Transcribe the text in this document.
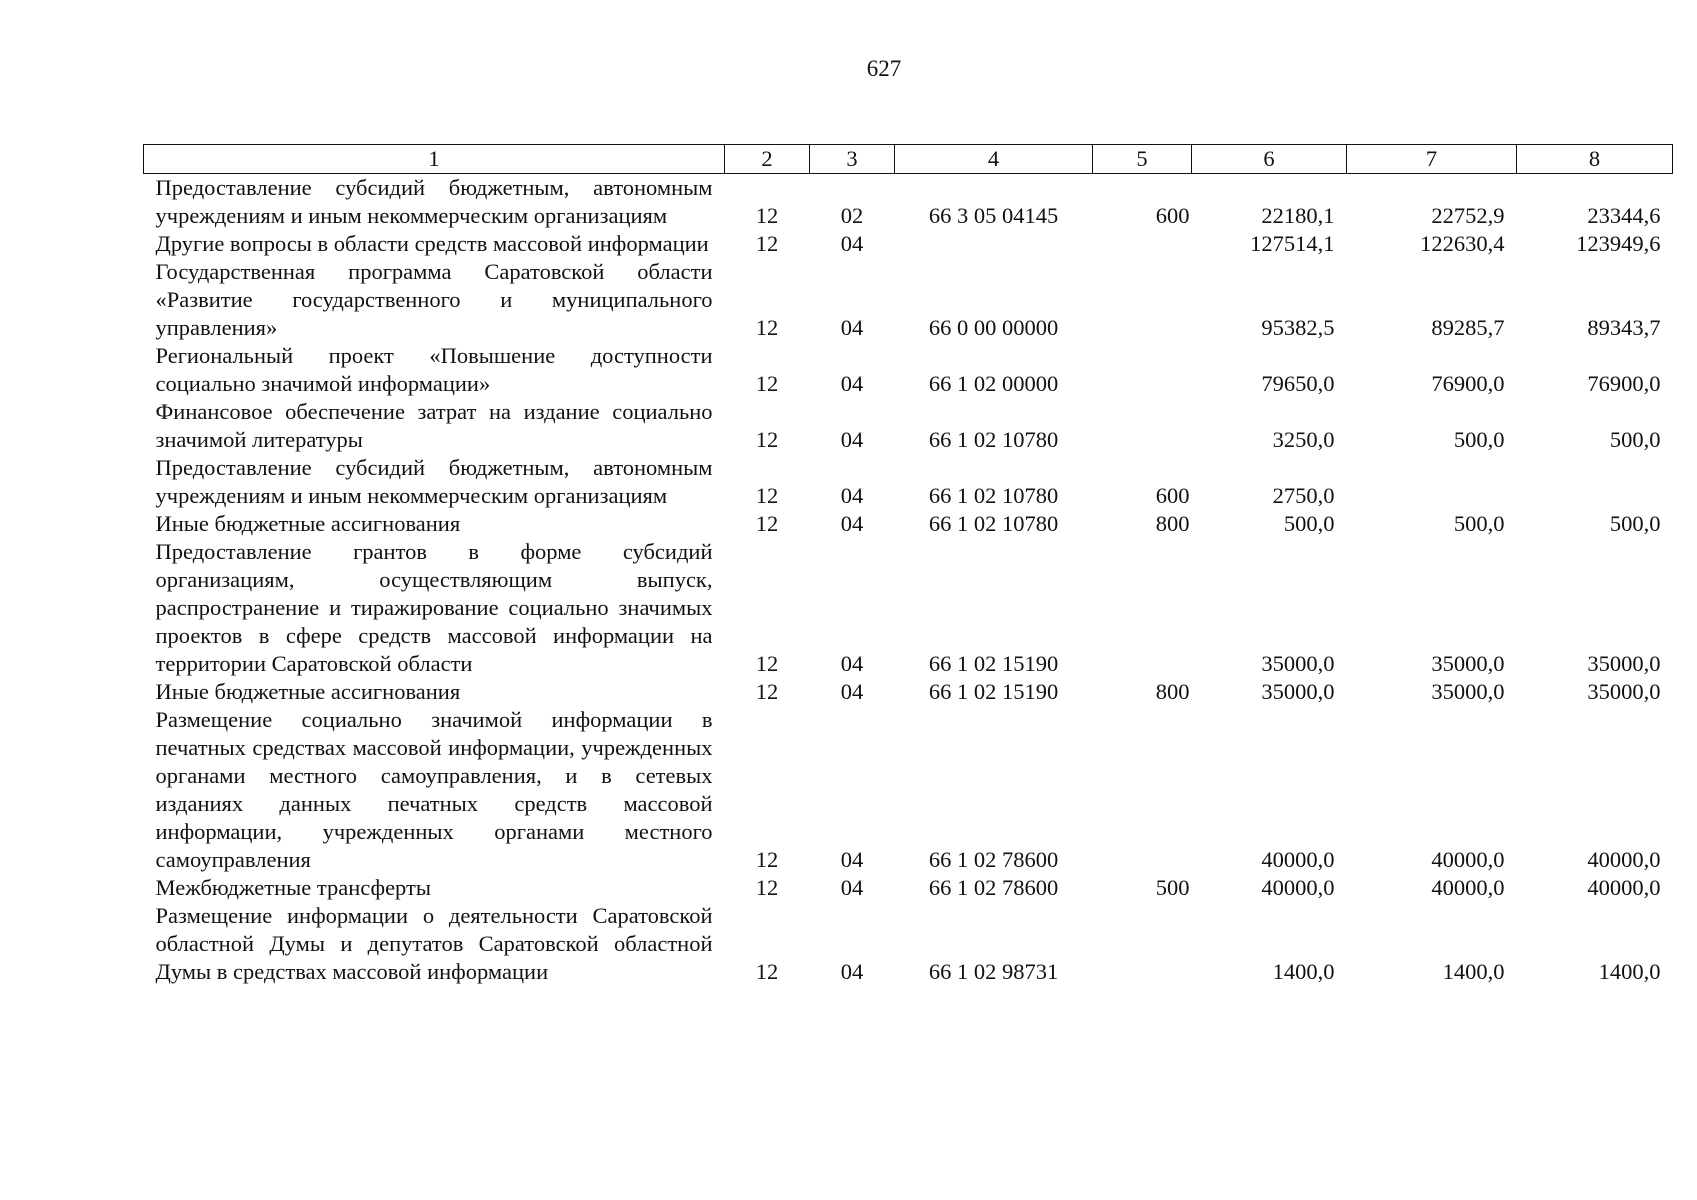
627
1	2	3	4	5	6	7	8
Предоставление субсидий бюджетным, автономным учреждениям и иным некоммерческим организациям	12	02	66 3 05 04145	600	22180,1	22752,9	23344,6
Другие вопросы в области средств массовой информации	12	04			127514,1	122630,4	123949,6
Государственная программа Саратовской области «Развитие государственного и муниципального управления»	12	04	66 0 00 00000		95382,5	89285,7	89343,7
Региональный проект «Повышение доступности социально значимой информации»	12	04	66 1 02 00000		79650,0	76900,0	76900,0
Финансовое обеспечение затрат на издание социально значимой литературы	12	04	66 1 02 10780		3250,0	500,0	500,0
Предоставление субсидий бюджетным, автономным учреждениям и иным некоммерческим организациям	12	04	66 1 02 10780	600	2750,0		
Иные бюджетные ассигнования	12	04	66 1 02 10780	800	500,0	500,0	500,0
Предоставление грантов в форме субсидий организациям, осуществляющим выпуск, распространение и тиражирование социально значимых проектов в сфере средств массовой информации на территории Саратовской области	12	04	66 1 02 15190		35000,0	35000,0	35000,0
Иные бюджетные ассигнования	12	04	66 1 02 15190	800	35000,0	35000,0	35000,0
Размещение социально значимой информации в печатных средствах массовой информации, учрежденных органами местного самоуправления, и в сетевых изданиях данных печатных средств массовой информации, учрежденных органами местного самоуправления	12	04	66 1 02 78600		40000,0	40000,0	40000,0
Межбюджетные трансферты	12	04	66 1 02 78600	500	40000,0	40000,0	40000,0
Размещение информации о деятельности Саратовской областной Думы и депутатов Саратовской областной Думы в средствах массовой информации	12	04	66 1 02 98731		1400,0	1400,0	1400,0
